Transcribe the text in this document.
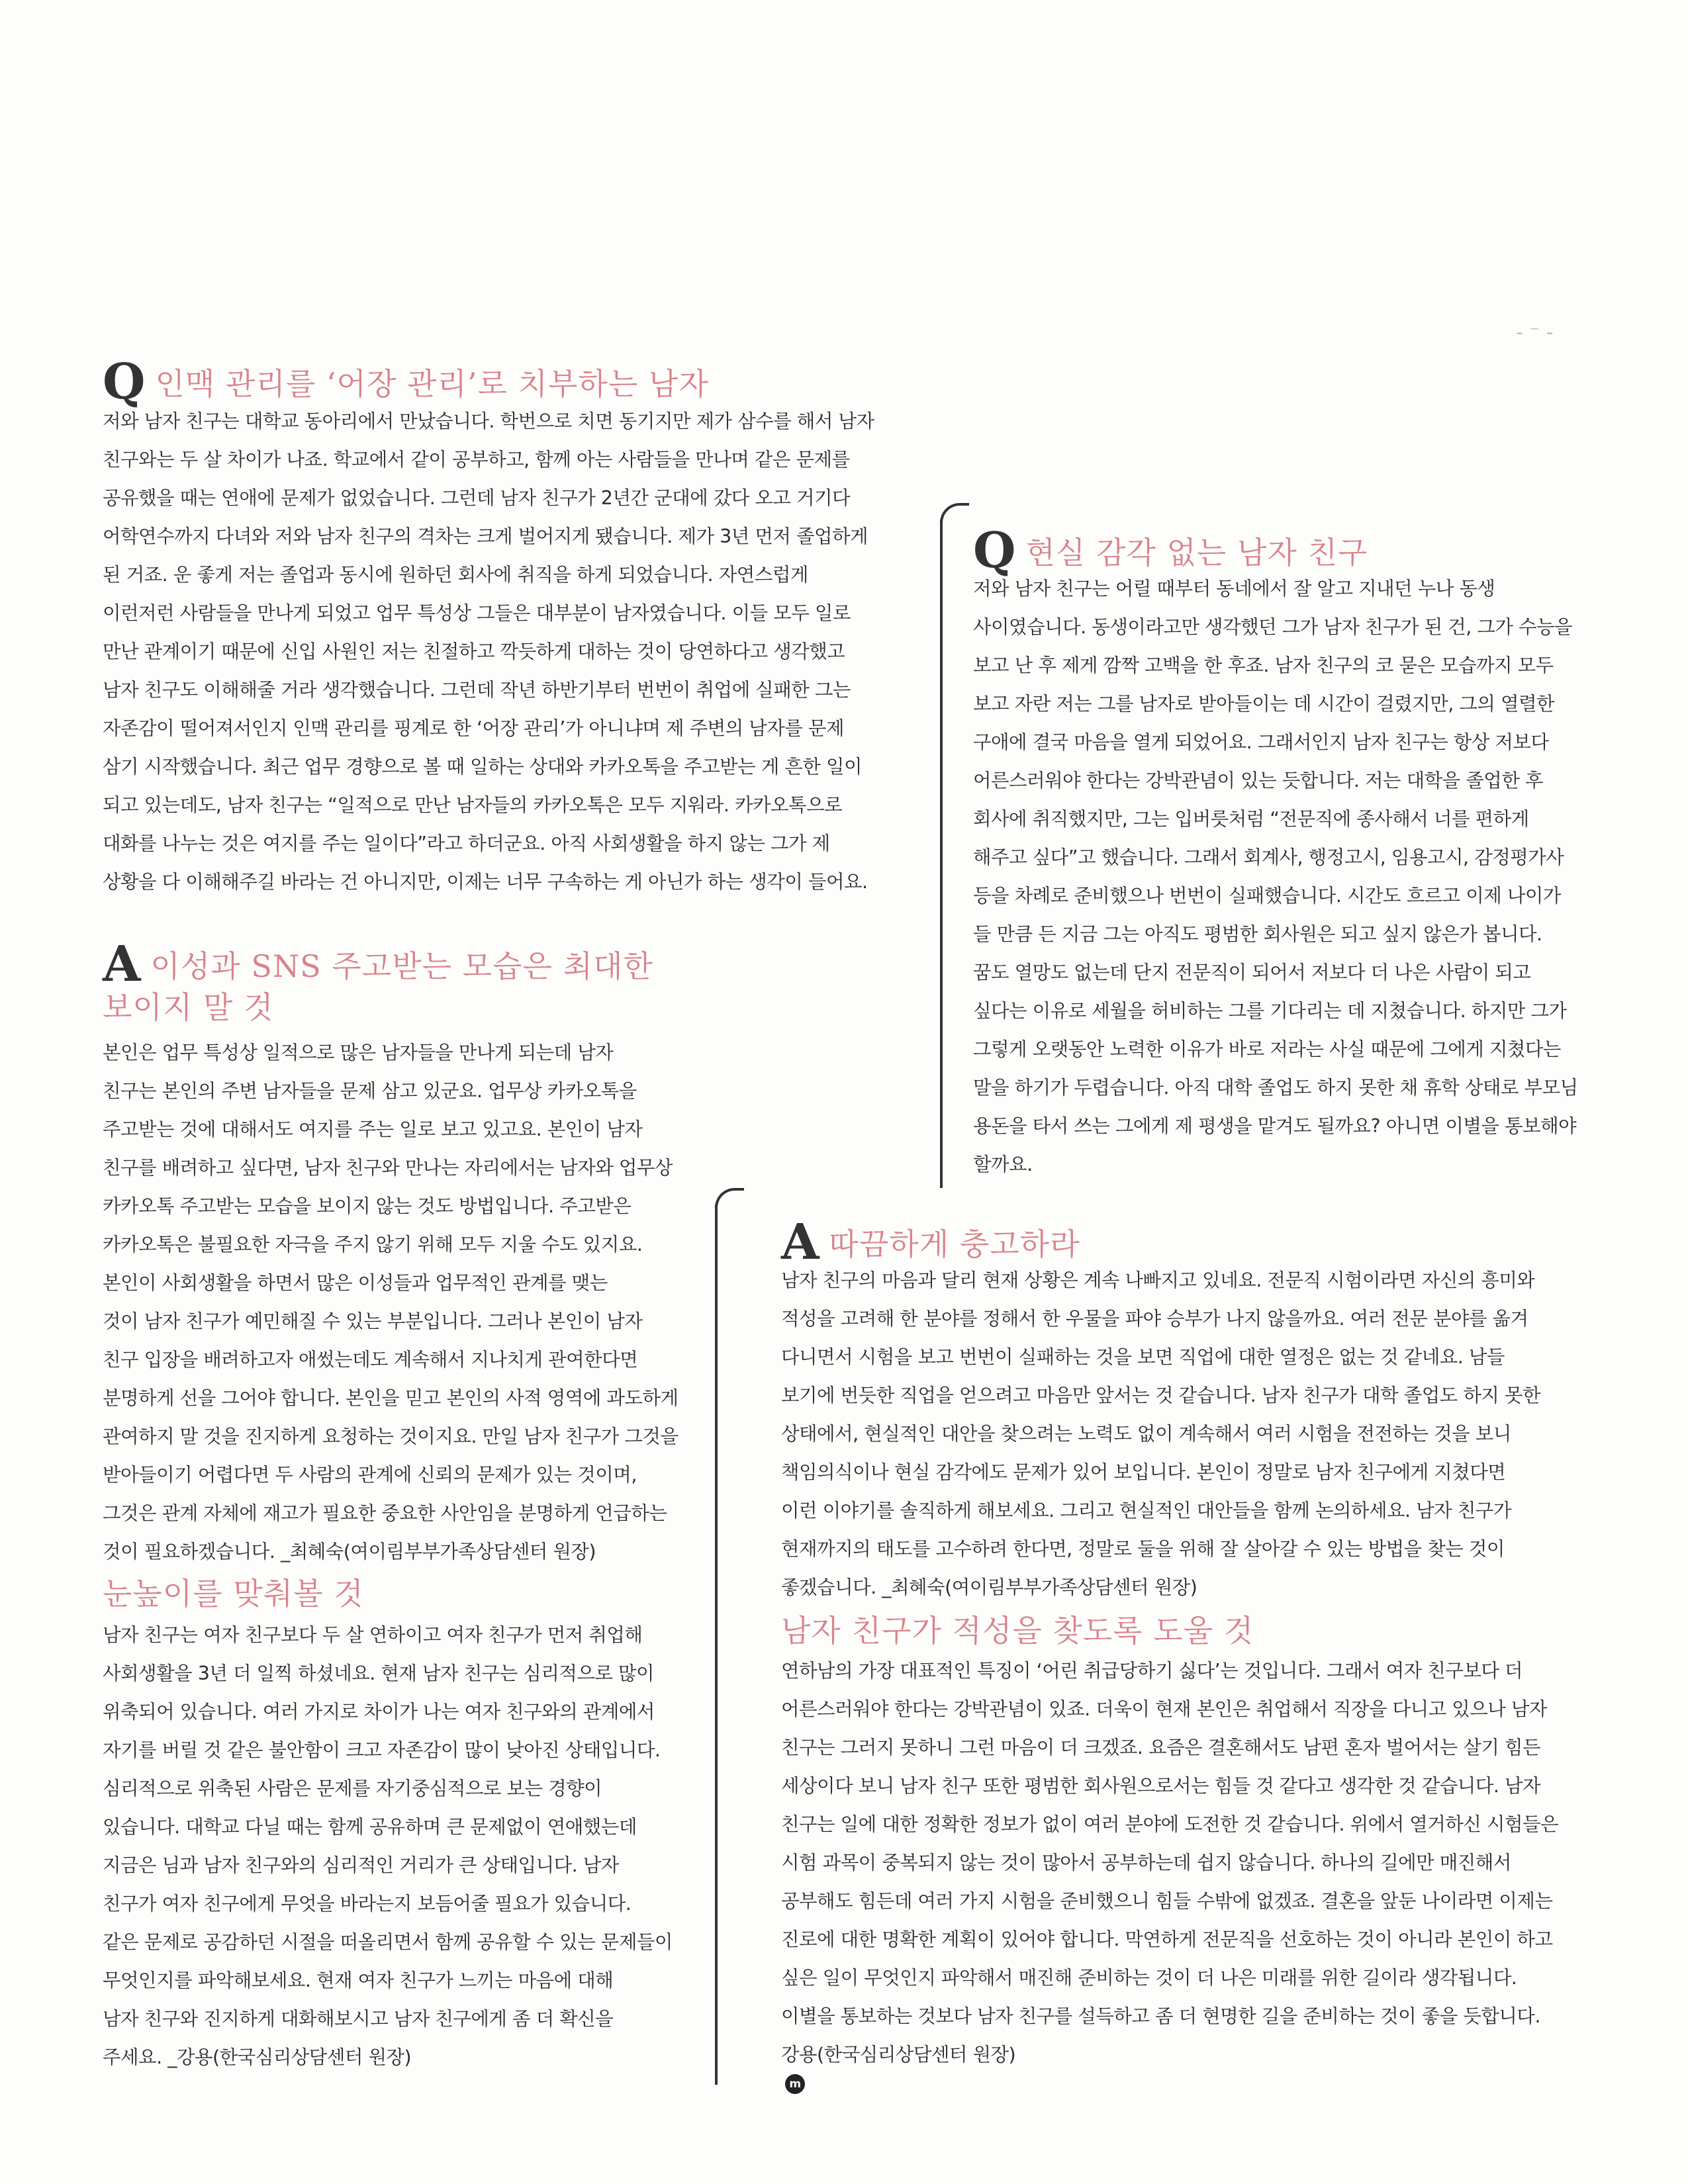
- ⁻ -
Q인맥 관리를 ‘어장 관리’로 치부하는 남자
저와 남자 친구는 대학교 동아리에서 만났습니다. 학번으로 치면 동기지만 제가 삼수를 해서 남자
친구와는 두 살 차이가 나죠. 학교에서 같이 공부하고, 함께 아는 사람들을 만나며 같은 문제를
공유했을 때는 연애에 문제가 없었습니다. 그런데 남자 친구가 2년간 군대에 갔다 오고 거기다
어학연수까지 다녀와 저와 남자 친구의 격차는 크게 벌어지게 됐습니다. 제가 3년 먼저 졸업하게
된 거죠. 운 좋게 저는 졸업과 동시에 원하던 회사에 취직을 하게 되었습니다. 자연스럽게
이런저런 사람들을 만나게 되었고 업무 특성상 그들은 대부분이 남자였습니다. 이들 모두 일로
만난 관계이기 때문에 신입 사원인 저는 친절하고 깍듯하게 대하는 것이 당연하다고 생각했고
남자 친구도 이해해줄 거라 생각했습니다. 그런데 작년 하반기부터 번번이 취업에 실패한 그는
자존감이 떨어져서인지 인맥 관리를 핑계로 한 ‘어장 관리’가 아니냐며 제 주변의 남자를 문제
삼기 시작했습니다. 최근 업무 경향으로 볼 때 일하는 상대와 카카오톡을 주고받는 게 흔한 일이
되고 있는데도, 남자 친구는 “일적으로 만난 남자들의 카카오톡은 모두 지워라. 카카오톡으로
대화를 나누는 것은 여지를 주는 일이다”라고 하더군요. 아직 사회생활을 하지 않는 그가 제
상황을 다 이해해주길 바라는 건 아니지만, 이제는 너무 구속하는 게 아닌가 하는 생각이 들어요.
A이성과 SNS 주고받는 모습은 최대한
보이지 말 것
본인은 업무 특성상 일적으로 많은 남자들을 만나게 되는데 남자
친구는 본인의 주변 남자들을 문제 삼고 있군요. 업무상 카카오톡을
주고받는 것에 대해서도 여지를 주는 일로 보고 있고요. 본인이 남자
친구를 배려하고 싶다면, 남자 친구와 만나는 자리에서는 남자와 업무상
카카오톡 주고받는 모습을 보이지 않는 것도 방법입니다. 주고받은
카카오톡은 불필요한 자극을 주지 않기 위해 모두 지울 수도 있지요.
본인이 사회생활을 하면서 많은 이성들과 업무적인 관계를 맺는
것이 남자 친구가 예민해질 수 있는 부분입니다. 그러나 본인이 남자
친구 입장을 배려하고자 애썼는데도 계속해서 지나치게 관여한다면
분명하게 선을 그어야 합니다. 본인을 믿고 본인의 사적 영역에 과도하게
관여하지 말 것을 진지하게 요청하는 것이지요. 만일 남자 친구가 그것을
받아들이기 어렵다면 두 사람의 관계에 신뢰의 문제가 있는 것이며,
그것은 관계 자체에 재고가 필요한 중요한 사안임을 분명하게 언급하는
것이 필요하겠습니다. _최혜숙(여이림부부가족상담센터 원장)
눈높이를 맞춰볼 것
남자 친구는 여자 친구보다 두 살 연하이고 여자 친구가 먼저 취업해
사회생활을 3년 더 일찍 하셨네요. 현재 남자 친구는 심리적으로 많이
위축되어 있습니다. 여러 가지로 차이가 나는 여자 친구와의 관계에서
자기를 버릴 것 같은 불안함이 크고 자존감이 많이 낮아진 상태입니다.
심리적으로 위축된 사람은 문제를 자기중심적으로 보는 경향이
있습니다. 대학교 다닐 때는 함께 공유하며 큰 문제없이 연애했는데
지금은 님과 남자 친구와의 심리적인 거리가 큰 상태입니다. 남자
친구가 여자 친구에게 무엇을 바라는지 보듬어줄 필요가 있습니다.
같은 문제로 공감하던 시절을 떠올리면서 함께 공유할 수 있는 문제들이
무엇인지를 파악해보세요. 현재 여자 친구가 느끼는 마음에 대해
남자 친구와 진지하게 대화해보시고 남자 친구에게 좀 더 확신을
주세요. _강용(한국심리상담센터 원장)
Q현실 감각 없는 남자 친구
저와 남자 친구는 어릴 때부터 동네에서 잘 알고 지내던 누나 동생
사이였습니다. 동생이라고만 생각했던 그가 남자 친구가 된 건, 그가 수능을
보고 난 후 제게 깜짝 고백을 한 후죠. 남자 친구의 코 묻은 모습까지 모두
보고 자란 저는 그를 남자로 받아들이는 데 시간이 걸렸지만, 그의 열렬한
구애에 결국 마음을 열게 되었어요. 그래서인지 남자 친구는 항상 저보다
어른스러워야 한다는 강박관념이 있는 듯합니다. 저는 대학을 졸업한 후
회사에 취직했지만, 그는 입버릇처럼 “전문직에 종사해서 너를 편하게
해주고 싶다”고 했습니다. 그래서 회계사, 행정고시, 임용고시, 감정평가사
등을 차례로 준비했으나 번번이 실패했습니다. 시간도 흐르고 이제 나이가
들 만큼 든 지금 그는 아직도 평범한 회사원은 되고 싶지 않은가 봅니다.
꿈도 열망도 없는데 단지 전문직이 되어서 저보다 더 나은 사람이 되고
싶다는 이유로 세월을 허비하는 그를 기다리는 데 지쳤습니다. 하지만 그가
그렇게 오랫동안 노력한 이유가 바로 저라는 사실 때문에 그에게 지쳤다는
말을 하기가 두렵습니다. 아직 대학 졸업도 하지 못한 채 휴학 상태로 부모님
용돈을 타서 쓰는 그에게 제 평생을 맡겨도 될까요? 아니면 이별을 통보해야
할까요.
A따끔하게 충고하라
남자 친구의 마음과 달리 현재 상황은 계속 나빠지고 있네요. 전문직 시험이라면 자신의 흥미와
적성을 고려해 한 분야를 정해서 한 우물을 파야 승부가 나지 않을까요. 여러 전문 분야를 옮겨
다니면서 시험을 보고 번번이 실패하는 것을 보면 직업에 대한 열정은 없는 것 같네요. 남들
보기에 번듯한 직업을 얻으려고 마음만 앞서는 것 같습니다. 남자 친구가 대학 졸업도 하지 못한
상태에서, 현실적인 대안을 찾으려는 노력도 없이 계속해서 여러 시험을 전전하는 것을 보니
책임의식이나 현실 감각에도 문제가 있어 보입니다. 본인이 정말로 남자 친구에게 지쳤다면
이런 이야기를 솔직하게 해보세요. 그리고 현실적인 대안들을 함께 논의하세요. 남자 친구가
현재까지의 태도를 고수하려 한다면, 정말로 둘을 위해 잘 살아갈 수 있는 방법을 찾는 것이
좋겠습니다. _최혜숙(여이림부부가족상담센터 원장)
남자 친구가 적성을 찾도록 도울 것
연하남의 가장 대표적인 특징이 ‘어린 취급당하기 싫다’는 것입니다. 그래서 여자 친구보다 더
어른스러워야 한다는 강박관념이 있죠. 더욱이 현재 본인은 취업해서 직장을 다니고 있으나 남자
친구는 그러지 못하니 그런 마음이 더 크겠죠. 요즘은 결혼해서도 남편 혼자 벌어서는 살기 힘든
세상이다 보니 남자 친구 또한 평범한 회사원으로서는 힘들 것 같다고 생각한 것 같습니다. 남자
친구는 일에 대한 정확한 정보가 없이 여러 분야에 도전한 것 같습니다. 위에서 열거하신 시험들은
시험 과목이 중복되지 않는 것이 많아서 공부하는데 쉽지 않습니다. 하나의 길에만 매진해서
공부해도 힘든데 여러 가지 시험을 준비했으니 힘들 수밖에 없겠죠. 결혼을 앞둔 나이라면 이제는
진로에 대한 명확한 계획이 있어야 합니다. 막연하게 전문직을 선호하는 것이 아니라 본인이 하고
싶은 일이 무엇인지 파악해서 매진해 준비하는 것이 더 나은 미래를 위한 길이라 생각됩니다.
이별을 통보하는 것보다 남자 친구를 설득하고 좀 더 현명한 길을 준비하는 것이 좋을 듯합니다.
강용(한국심리상담센터 원장)
m
